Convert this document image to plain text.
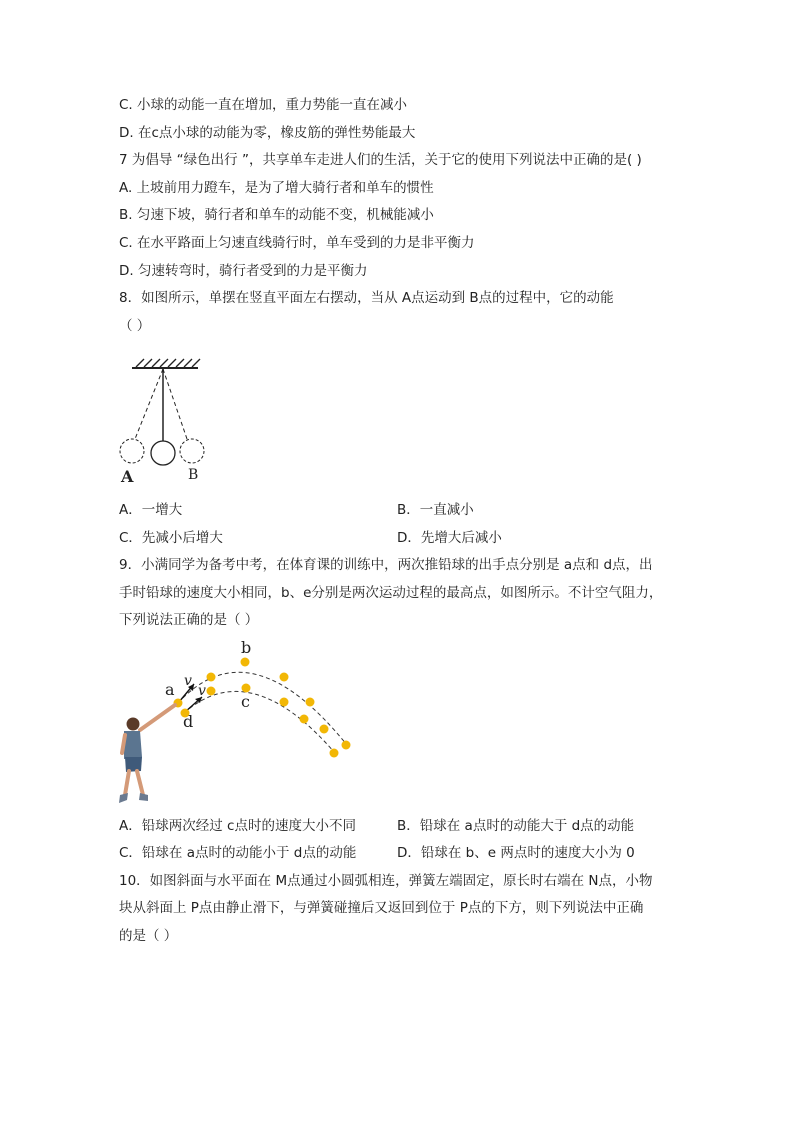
C. 小球的动能一直在增加，重力势能一直在减小
D. 在c点小球的动能为零，橡皮筋的弹性势能最大
7 为倡导 “绿色出行 ”，共享单车走进人们的生活，关于它的使用下列说法中正确的是( )
A. 上坡前用力蹬车，是为了增大骑行者和单车的惯性
B. 匀速下坡，骑行者和单车的动能不变，机械能减小
C. 在水平路面上匀速直线骑行时，单车受到的力是非平衡力
D. 匀速转弯时，骑行者受到的力是平衡力
8．如图所示，单摆在竖直平面左右摆动，当从 A点运动到 B点的过程中，它的动能
（ ）
A	B
A．一增大	B．一直减小
C．先减小后增大	D．先增大后减小
9．小满同学为备考中考，在体育课的训练中，两次推铅球的出手点分别是 a点和 d点，出
手时铅球的速度大小相同，b、e分别是两次运动过程的最高点，如图所示。不计空气阻力，
下列说法正确的是（ ）
b
c
a
d
v
v
A．铅球两次经过 c点时的速度大小不同	B．铅球在 a点时的动能大于 d点的动能
C．铅球在 a点时的动能小于 d点的动能	D．铅球在 b、e 两点时的速度大小为 0
10．如图斜面与水平面在 M点通过小圆弧相连，弹簧左端固定，原长时右端在 N点，小物
块从斜面上 P点由静止滑下，与弹簧碰撞后又返回到位于 P点的下方，则下列说法中正确
的是（ ）
